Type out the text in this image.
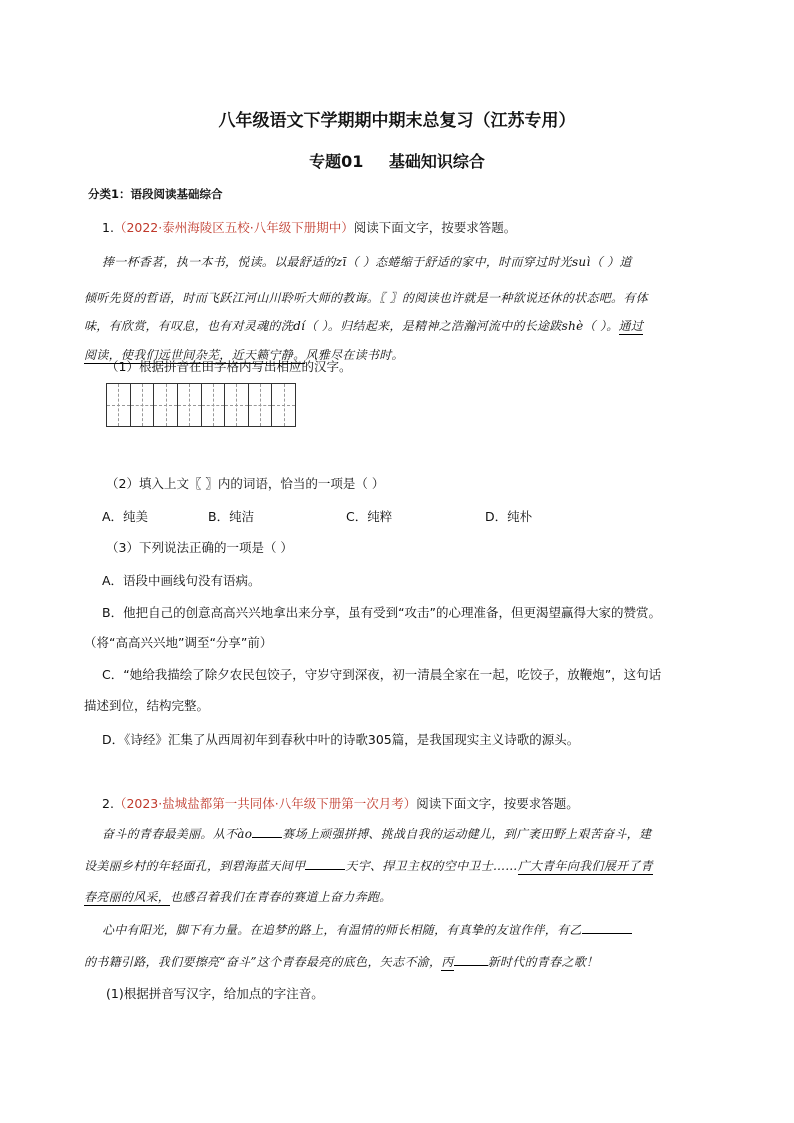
八年级语文下学期期中期末总复习（江苏专用）
专题01 基础知识综合
分类1：语段阅读基础综合
1.（2022·泰州海陵区五校·八年级下册期中）阅读下面文字，按要求答题。
捧一杯香茗，执一本书，悦读。以最舒适的zī（ ）态蜷缩于舒适的家中，时而穿过时光suì（ ）道
倾听先贤的哲语，时而飞跃江河山川聆听大师的教诲。〖 〗的阅读也许就是一种欲说还休的状态吧。有体
味，有欣赏，有叹息，也有对灵魂的洗dí（ ）。归结起来，是精神之浩瀚河流中的长途跋shè（ ）。通过
阅读，使我们远世间杂芜，近天籁宁静。风雅尽在读书时。
（1）根据拼音在田字格内写出相应的汉字。
（2）填入上文〖 〗内的词语，恰当的一项是（ ）
A．纯美	B．纯洁	C．纯粹	D．纯朴
（3）下列说法正确的一项是（ ）
A．语段中画线句没有语病。
B．他把自己的创意高高兴兴地拿出来分享，虽有受到“攻击”的心理准备，但更渴望赢得大家的赞赏。
（将“高高兴兴地”调至“分享”前）
C．“她给我描绘了除夕农民包饺子，守岁守到深夜，初一清晨全家在一起，吃饺子，放鞭炮”，这句话
描述到位，结构完整。
D．《诗经》汇集了从西周初年到春秋中叶的诗歌305篇，是我国现实主义诗歌的源头。
2.（2023·盐城盐都第一共同体·八年级下册第一次月考）阅读下面文字，按要求答题。
奋斗的青春最美丽。从不ào	赛场上顽强拼搏、挑战自我的运动健儿，到广袤田野上艰苦奋斗，建
设美丽乡村的年轻面孔，到碧海蓝天间甲	天宇、捍卫主权的空中卫士……广大青年向我们展开了青
春亮丽的风采，也感召着我们在青春的赛道上奋力奔跑。
心中有阳光，脚下有力量。在追梦的路上，有温情的师长相随，有真挚的友谊作伴，有乙
的书籍引路，我们要擦亮“奋斗”这个青春最亮的底色，矢志不渝，丙	新时代的青春之歌！
(1)根据拼音写汉字，给加点的字注音。
